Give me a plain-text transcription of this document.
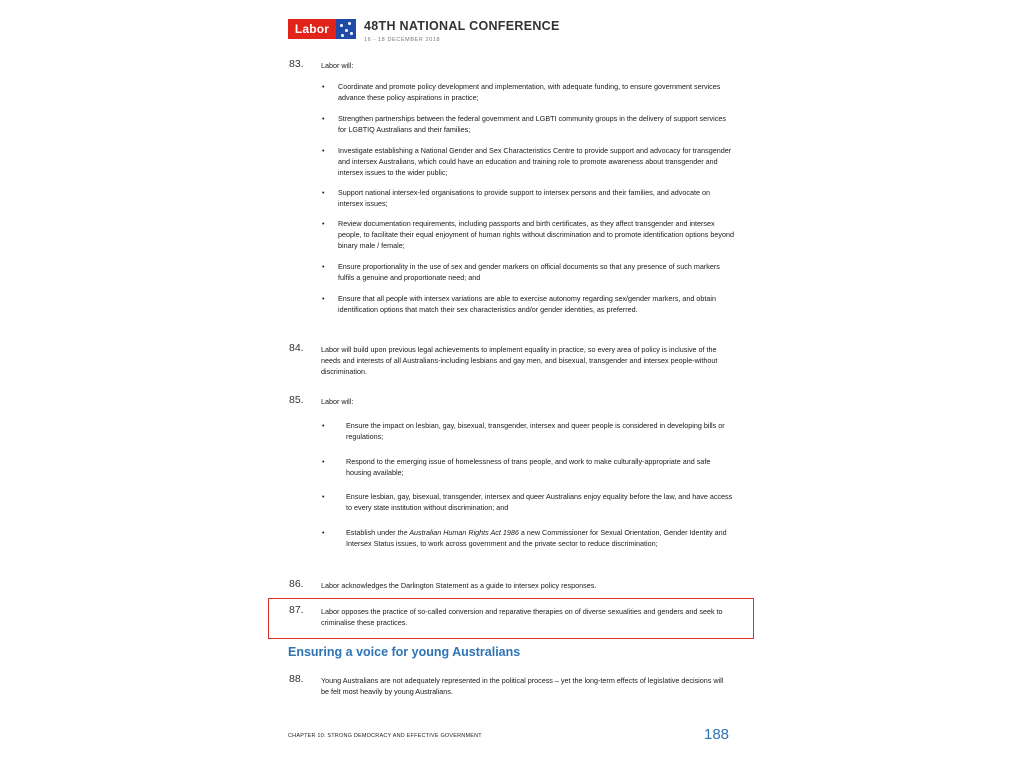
Labor	48TH NATIONAL CONFERENCE
16 - 18 DECEMBER 2018
83. Labor will:
• Coordinate and promote policy development and implementation, with adequate funding, to ensure government services advance these policy aspirations in practice;
• Strengthen partnerships between the federal government and LGBTI community groups in the delivery of support services for LGBTIQ Australians and their families;
• Investigate establishing a National Gender and Sex Characteristics Centre to provide support and advocacy for transgender and intersex Australians, which could have an education and training role to promote awareness about transgender and intersex issues to the wider public;
• Support national intersex-led organisations to provide support to intersex persons and their families, and advocate on intersex issues;
• Review documentation requirements, including passports and birth certificates, as they affect transgender and intersex people, to facilitate their equal enjoyment of human rights without discrimination and to promote identification options beyond binary male / female;
• Ensure proportionality in the use of sex and gender markers on official documents so that any presence of such markers fulfils a genuine and proportionate need; and
• Ensure that all people with intersex variations are able to exercise autonomy regarding sex/gender markers, and obtain identification options that match their sex characteristics and/or gender identities, as preferred.
84. Labor will build upon previous legal achievements to implement equality in practice, so every area of policy is inclusive of the needs and interests of all Australians-including lesbians and gay men, and bisexual, transgender and intersex people-without discrimination.
85. Labor will:
•	Ensure the impact on lesbian, gay, bisexual, transgender, intersex and queer people is considered in developing bills or regulations;
•	Respond to the emerging issue of homelessness of trans people, and work to make culturally-appropriate and safe housing available;
•	Ensure lesbian, gay, bisexual, transgender, intersex and queer Australians enjoy equality before the law, and have access to every state institution without discrimination; and
•	Establish under the Australian Human Rights Act 1986 a new Commissioner for Sexual Orientation, Gender Identity and Intersex Status issues, to work across government and the private sector to reduce discrimination;
86. Labor acknowledges the Darlington Statement as a guide to intersex policy responses.
87. Labor opposes the practice of so-called conversion and reparative therapies on of diverse sexualities and genders and seek to criminalise these practices.
Ensuring a voice for young Australians
88. Young Australians are not adequately represented in the political process – yet the long-term effects of legislative decisions will be felt most heavily by young Australians.
CHAPTER 10: STRONG DEMOCRACY AND EFFECTIVE GOVERNMENT	188
